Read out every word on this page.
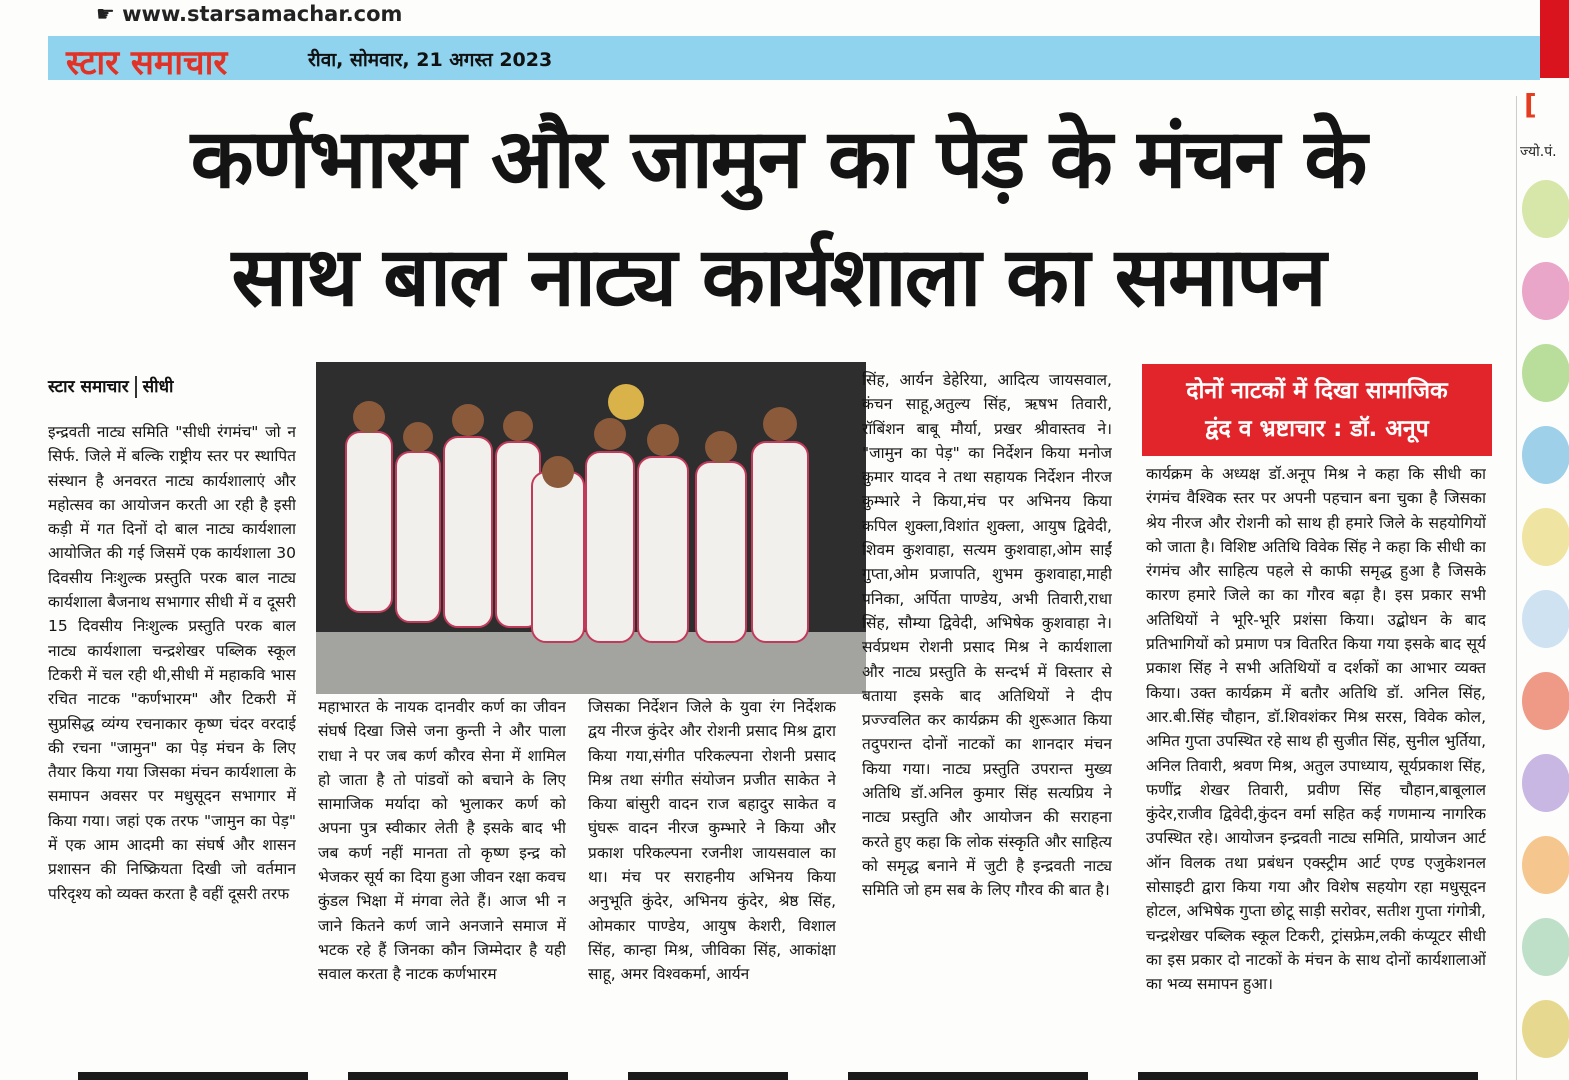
☛ www.starsamachar.com
स्टार समाचार	रीवा, सोमवार, 21 अगस्त 2023
कर्णभारम और जामुन का पेड़ के मंचन के
साथ बाल नाट्य कार्यशाला का समापन
स्टार समाचार सीधी
इन्द्रवती नाट्य समिति "सीधी रंगमंच" जो न सिर्फ. जिले में बल्कि राष्ट्रीय स्तर पर स्थापित संस्थान है अनवरत नाट्य कार्यशालाएं और महोत्सव का आयोजन करती आ रही है इसी कड़ी में गत दिनों दो बाल नाट्य कार्यशाला आयोजित की गई जिसमें एक कार्यशाला 30 दिवसीय निःशुल्क प्रस्तुति परक बाल नाट्य कार्यशाला बैजनाथ सभागार सीधी में व दूसरी 15 दिवसीय निःशुल्क प्रस्तुति परक बाल नाट्य कार्यशाला चन्द्रशेखर पब्लिक स्कूल टिकरी में चल रही थी,सीधी में महाकवि भास रचित नाटक "कर्णभारम" और टिकरी में सुप्रसिद्ध व्यंग्य रचनाकार कृष्ण चंदर वरदाई की रचना "जामुन" का पेड़ मंचन के लिए तैयार किया गया जिसका मंचन कार्यशाला के समापन अवसर पर मधुसूदन सभागार में किया गया। जहां एक तरफ "जामुन का पेड़" में एक आम आदमी का संघर्ष और शासन प्रशासन की निष्क्रियता दिखी जो वर्तमान परिदृश्य को व्यक्त करता है वहीं दूसरी तरफ
महाभारत के नायक दानवीर कर्ण का जीवन संघर्ष दिखा जिसे जना कुन्ती ने और पाला राधा ने पर जब कर्ण कौरव सेना में शामिल हो जाता है तो पांडवों को बचाने के लिए सामाजिक मर्यादा को भुलाकर कर्ण को अपना पुत्र स्वीकार लेती है इसके बाद भी जब कर्ण नहीं मानता तो कृष्ण इन्द्र को भेजकर सूर्य का दिया हुआ जीवन रक्षा कवच कुंडल भिक्षा में मंगवा लेते हैं। आज भी न जाने कितने कर्ण जाने अनजाने समाज में भटक रहे हैं जिनका कौन जिम्मेदार है यही सवाल करता है नाटक कर्णभारम
जिसका निर्देशन जिले के युवा रंग निर्देशक द्वय नीरज कुंदेर और रोशनी प्रसाद मिश्र द्वारा किया गया,संगीत परिकल्पना रोशनी प्रसाद मिश्र तथा संगीत संयोजन प्रजीत साकेत ने किया बांसुरी वादन राज बहादुर साकेत व घुंघरू वादन नीरज कुम्भारे ने किया और प्रकाश परिकल्पना रजनीश जायसवाल का था। मंच पर सराहनीय अभिनय किया अनुभूति कुंदेर, अभिनय कुंदेर, श्रेष्ठ सिंह, ओमकार पाण्डेय, आयुष केशरी, विशाल सिंह, कान्हा मिश्र, जीविका सिंह, आकांक्षा साहू, अमर विश्वकर्मा, आर्यन
सिंह, आर्यन डेहेरिया, आदित्य जायसवाल, कंचन साहू,अतुल्य सिंह, ऋषभ तिवारी, रॉबिंशन बाबू मौर्या, प्रखर श्रीवास्तव ने। "जामुन का पेड़" का निर्देशन किया मनोज कुमार यादव ने तथा सहायक निर्देशन नीरज कुम्भारे ने किया,मंच पर अभिनय किया कपिल शुक्ला,विशांत शुक्ला, आयुष द्विवेदी, शिवम कुशवाहा, सत्यम कुशवाहा,ओम साईं गुप्ता,ओम प्रजापति, शुभम कुशवाहा,माही पनिका, अर्पिता पाण्डेय, अभी तिवारी,राधा सिंह, सौम्या द्विवेदी, अभिषेक कुशवाहा ने। सर्वप्रथम रोशनी प्रसाद मिश्र ने कार्यशाला और नाट्य प्रस्तुति के सन्दर्भ में विस्तार से बताया इसके बाद अतिथियों ने दीप प्रज्ज्वलित कर कार्यक्रम की शुरूआत किया तदुपरान्त दोनों नाटकों का शानदार मंचन किया गया। नाट्य प्रस्तुति उपरान्त मुख्य अतिथि डॉ.अनिल कुमार सिंह सत्यप्रिय ने नाट्य प्रस्तुति और आयोजन की सराहना करते हुए कहा कि लोक संस्कृति और साहित्य को समृद्ध बनाने में जुटी है इन्द्रवती नाट्य समिति जो हम सब के लिए गौरव की बात है।
दोनों नाटकों में दिखा सामाजिक
द्वंद व भ्रष्टाचार : डॉ. अनूप
कार्यक्रम के अध्यक्ष डॉ.अनूप मिश्र ने कहा कि सीधी का रंगमंच वैश्विक स्तर पर अपनी पहचान बना चुका है जिसका श्रेय नीरज और रोशनी को साथ ही हमारे जिले के सहयोगियों को जाता है। विशिष्ट अतिथि विवेक सिंह ने कहा कि सीधी का रंगमंच और साहित्य पहले से काफी समृद्ध हुआ है जिसके कारण हमारे जिले का का गौरव बढ़ा है। इस प्रकार सभी अतिथियों ने भूरि-भूरि प्रशंसा किया। उद्बोधन के बाद प्रतिभागियों को प्रमाण पत्र वितरित किया गया इसके बाद सूर्य प्रकाश सिंह ने सभी अतिथियों व दर्शकों का आभार व्यक्त किया। उक्त कार्यक्रम में बतौर अतिथि डॉ. अनिल सिंह, आर.बी.सिंह चौहान, डॉ.शिवशंकर मिश्र सरस, विवेक कोल, अमित गुप्ता उपस्थित रहे साथ ही सुजीत सिंह, सुनील भुर्तिया, अनिल तिवारी, श्रवण मिश्र, अतुल उपाध्याय, सूर्यप्रकाश सिंह, फणींद्र शेखर तिवारी, प्रवीण सिंह चौहान,बाबूलाल कुंदेर,राजीव द्विवेदी,कुंदन वर्मा सहित कई गणमान्य नागरिक उपस्थित रहे। आयोजन इन्द्रवती नाट्य समिति, प्रायोजन आर्ट ऑन विलक तथा प्रबंधन एक्स्ट्रीम आर्ट एण्ड एजुकेशनल सोसाइटी द्वारा किया गया और विशेष सहयोग रहा मधुसूदन होटल, अभिषेक गुप्ता छोटू साड़ी सरोवर, सतीश गुप्ता गंगोत्री, चन्द्रशेखर पब्लिक स्कूल टिकरी, ट्रांसफ्रेम,लकी कंप्यूटर सीधी का इस प्रकार दो नाटकों के मंचन के साथ दोनों कार्यशालाओं का भव्य समापन हुआ।
[
ज्यो.पं.
